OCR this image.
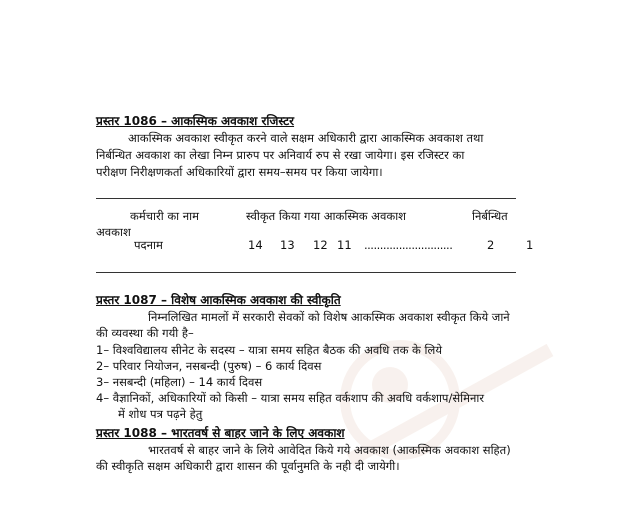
प्रस्तर 1086 – आकस्मिक अवकाश रजिस्टर
आकस्मिक अवकाश स्वीकृत करने वाले सक्षम अधिकारी द्वारा आकस्मिक अवकाश तथा
निर्बन्धित अवकाश का लेखा निम्न प्रारुप पर अनिवार्य रुप से रखा जायेगा। इस रजिस्टर का
परीक्षण निरीक्षणकर्ता अधिकारियों द्वारा समय–समय पर किया जायेगा।
कर्मचारी का नाम	स्वीकृत किया गया आकस्मिक अवकाश	निर्बन्धित
अवकाश
पदनाम	14 13 12 11 ............................	2	1
प्रस्तर 1087 – विशेष आकस्मिक अवकाश की स्वीकृति
निम्नलिखित मामलों में सरकारी सेवकों को विशेष आकस्मिक अवकाश स्वीकृत किये जाने
की व्यवस्था की गयी है–
1– विश्वविद्यालय सीनेट के सदस्य – यात्रा समय सहित बैठक की अवधि तक के लिये
2– परिवार नियोजन, नसबन्दी (पुरुष) – 6 कार्य दिवस
3– नसबन्दी (महिला) – 14 कार्य दिवस
4– वैज्ञानिकों, अधिकारियों को किसी – यात्रा समय सहित वर्कशाप की अवधि वर्कशाप/सेमिनार
में शोध पत्र पढ़ने हेतु
प्रस्तर 1088 – भारतवर्ष से बाहर जाने के लिए अवकाश
भारतवर्ष से बाहर जाने के लिये आवेदित किये गये अवकाश (आकस्मिक अवकाश सहित)
की स्वीकृति सक्षम अधिकारी द्वारा शासन की पूर्वानुमति के नही दी जायेगी।
